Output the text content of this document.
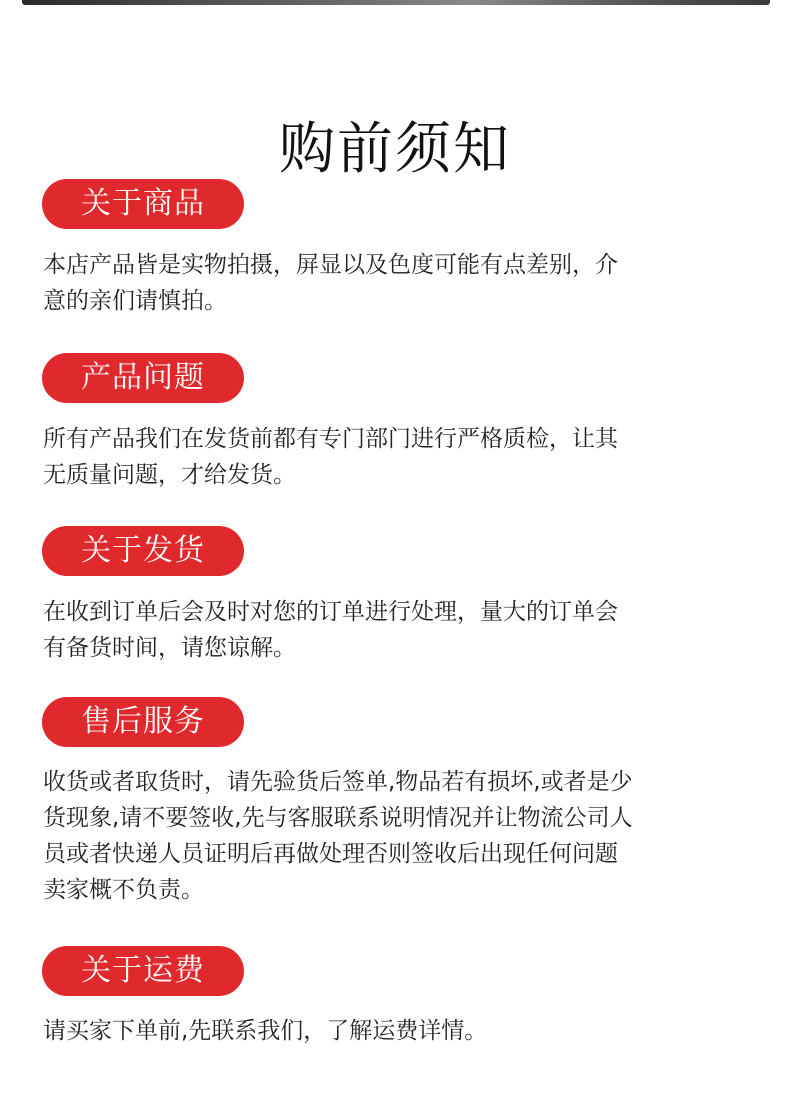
购前须知
关于商品
本店产品皆是实物拍摄，屏显以及色度可能有点差别，介
意的亲们请慎拍。
产品问题
所有产品我们在发货前都有专门部门进行严格质检，让其
无质量问题，才给发货。
关于发货
在收到订单后会及时对您的订单进行处理，量大的订单会
有备货时间，请您谅解。
售后服务
收货或者取货时，请先验货后签单,物品若有损坏,或者是少
货现象,请不要签收,先与客服联系说明情况并让物流公司人
员或者快递人员证明后再做处理否则签收后出现任何问题
卖家概不负责。
关于运费
请买家下单前,先联系我们，了解运费详情。
